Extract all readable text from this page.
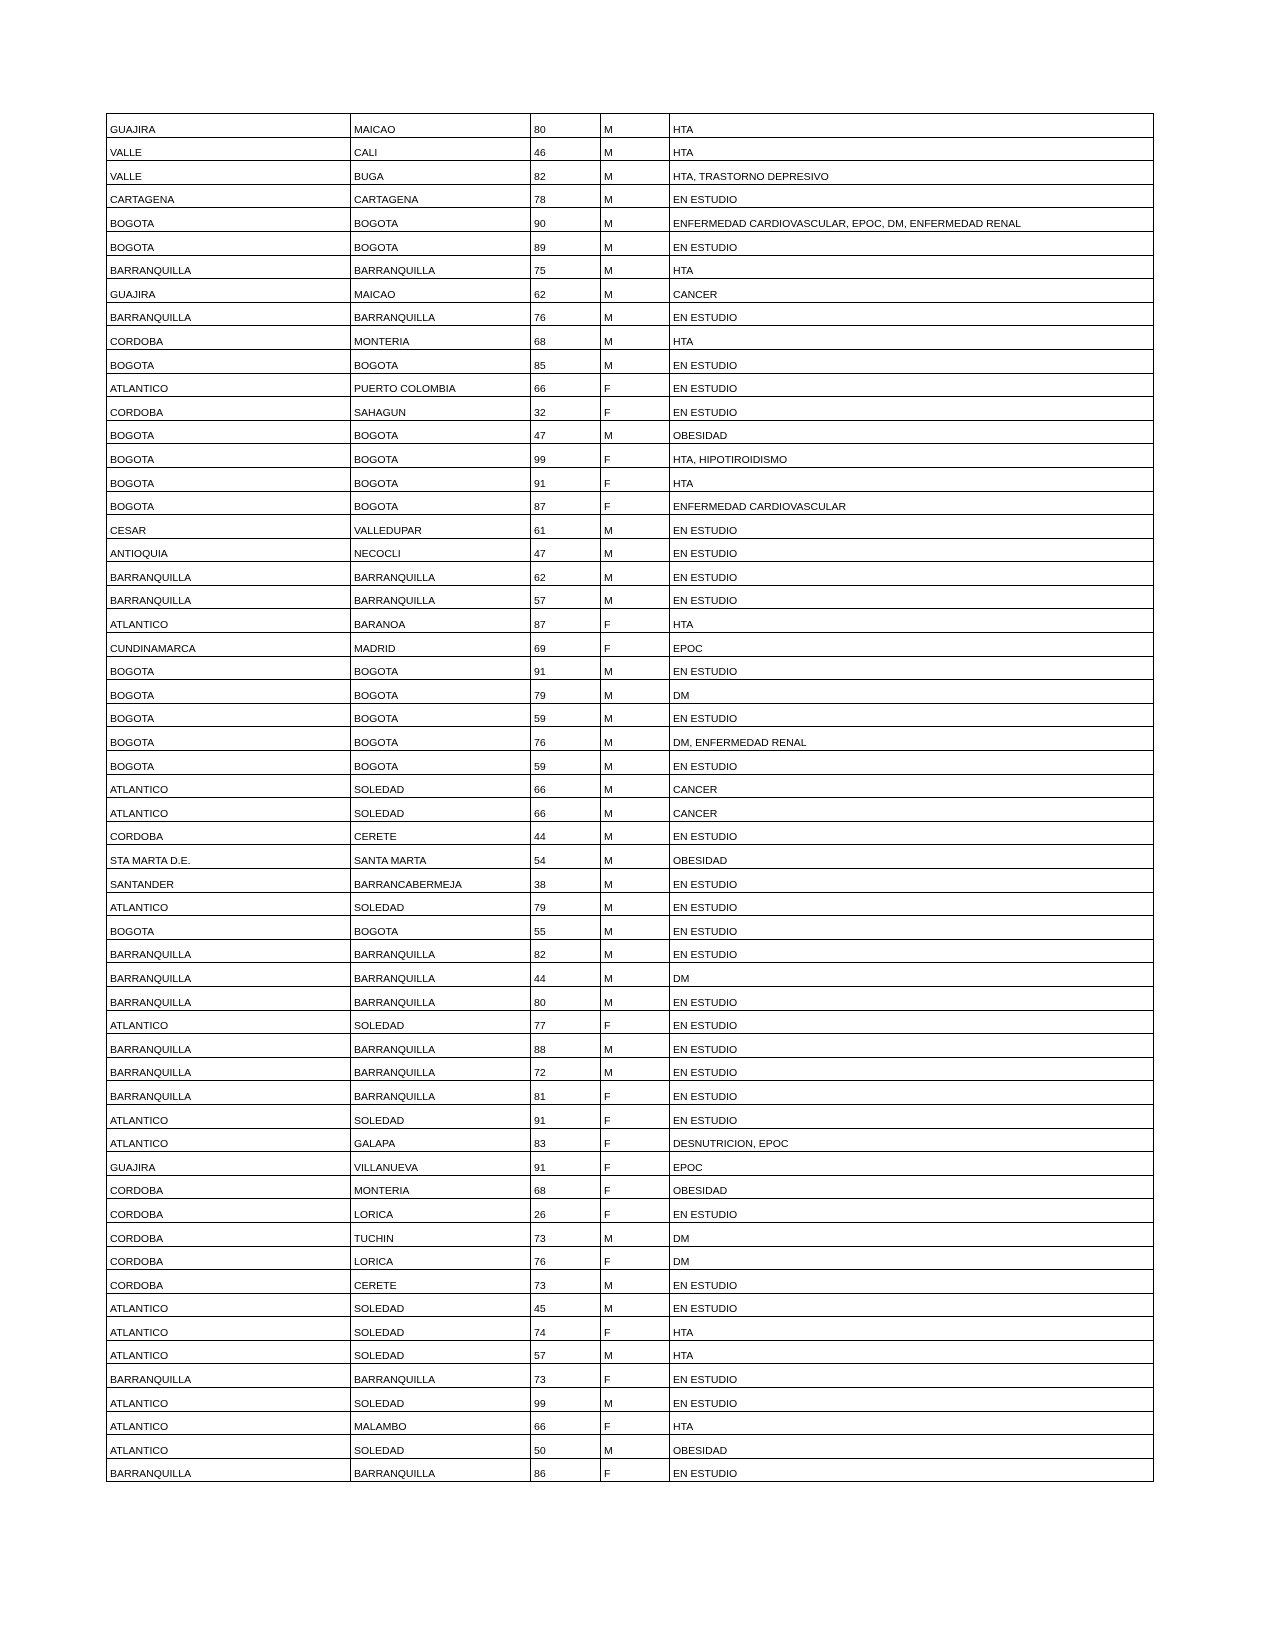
GUAJIRA	MAICAO	80	M	HTA

VALLE	CALI	46	M	HTA

VALLE	BUGA	82	M	HTA, TRASTORNO DEPRESIVO

CARTAGENA	CARTAGENA	78	M	EN ESTUDIO

BOGOTA	BOGOTA	90	M	ENFERMEDAD CARDIOVASCULAR, EPOC, DM, ENFERMEDAD RENAL

BOGOTA	BOGOTA	89	M	EN ESTUDIO

BARRANQUILLA	BARRANQUILLA	75	M	HTA

GUAJIRA	MAICAO	62	M	CANCER

BARRANQUILLA	BARRANQUILLA	76	M	EN ESTUDIO

CORDOBA	MONTERIA	68	M	HTA

BOGOTA	BOGOTA	85	M	EN ESTUDIO

ATLANTICO	PUERTO COLOMBIA	66	F	EN ESTUDIO

CORDOBA	SAHAGUN	32	F	EN ESTUDIO

BOGOTA	BOGOTA	47	M	OBESIDAD

BOGOTA	BOGOTA	99	F	HTA, HIPOTIROIDISMO

BOGOTA	BOGOTA	91	F	HTA

BOGOTA	BOGOTA	87	F	ENFERMEDAD CARDIOVASCULAR

CESAR	VALLEDUPAR	61	M	EN ESTUDIO

ANTIOQUIA	NECOCLI	47	M	EN ESTUDIO

BARRANQUILLA	BARRANQUILLA	62	M	EN ESTUDIO

BARRANQUILLA	BARRANQUILLA	57	M	EN ESTUDIO

ATLANTICO	BARANOA	87	F	HTA

CUNDINAMARCA	MADRID	69	F	EPOC

BOGOTA	BOGOTA	91	M	EN ESTUDIO

BOGOTA	BOGOTA	79	M	DM

BOGOTA	BOGOTA	59	M	EN ESTUDIO

BOGOTA	BOGOTA	76	M	DM, ENFERMEDAD RENAL

BOGOTA	BOGOTA	59	M	EN ESTUDIO

ATLANTICO	SOLEDAD	66	M	CANCER

ATLANTICO	SOLEDAD	66	M	CANCER

CORDOBA	CERETE	44	M	EN ESTUDIO

STA MARTA D.E.	SANTA MARTA	54	M	OBESIDAD

SANTANDER	BARRANCABERMEJA	38	M	EN ESTUDIO

ATLANTICO	SOLEDAD	79	M	EN ESTUDIO

BOGOTA	BOGOTA	55	M	EN ESTUDIO

BARRANQUILLA	BARRANQUILLA	82	M	EN ESTUDIO

BARRANQUILLA	BARRANQUILLA	44	M	DM

BARRANQUILLA	BARRANQUILLA	80	M	EN ESTUDIO

ATLANTICO	SOLEDAD	77	F	EN ESTUDIO

BARRANQUILLA	BARRANQUILLA	88	M	EN ESTUDIO

BARRANQUILLA	BARRANQUILLA	72	M	EN ESTUDIO

BARRANQUILLA	BARRANQUILLA	81	F	EN ESTUDIO

ATLANTICO	SOLEDAD	91	F	EN ESTUDIO

ATLANTICO	GALAPA	83	F	DESNUTRICION, EPOC

GUAJIRA	VILLANUEVA	91	F	EPOC

CORDOBA	MONTERIA	68	F	OBESIDAD

CORDOBA	LORICA	26	F	EN ESTUDIO

CORDOBA	TUCHIN	73	M	DM

CORDOBA	LORICA	76	F	DM

CORDOBA	CERETE	73	M	EN ESTUDIO

ATLANTICO	SOLEDAD	45	M	EN ESTUDIO

ATLANTICO	SOLEDAD	74	F	HTA

ATLANTICO	SOLEDAD	57	M	HTA

BARRANQUILLA	BARRANQUILLA	73	F	EN ESTUDIO

ATLANTICO	SOLEDAD	99	M	EN ESTUDIO

ATLANTICO	MALAMBO	66	F	HTA

ATLANTICO	SOLEDAD	50	M	OBESIDAD

BARRANQUILLA	BARRANQUILLA	86	F	EN ESTUDIO
